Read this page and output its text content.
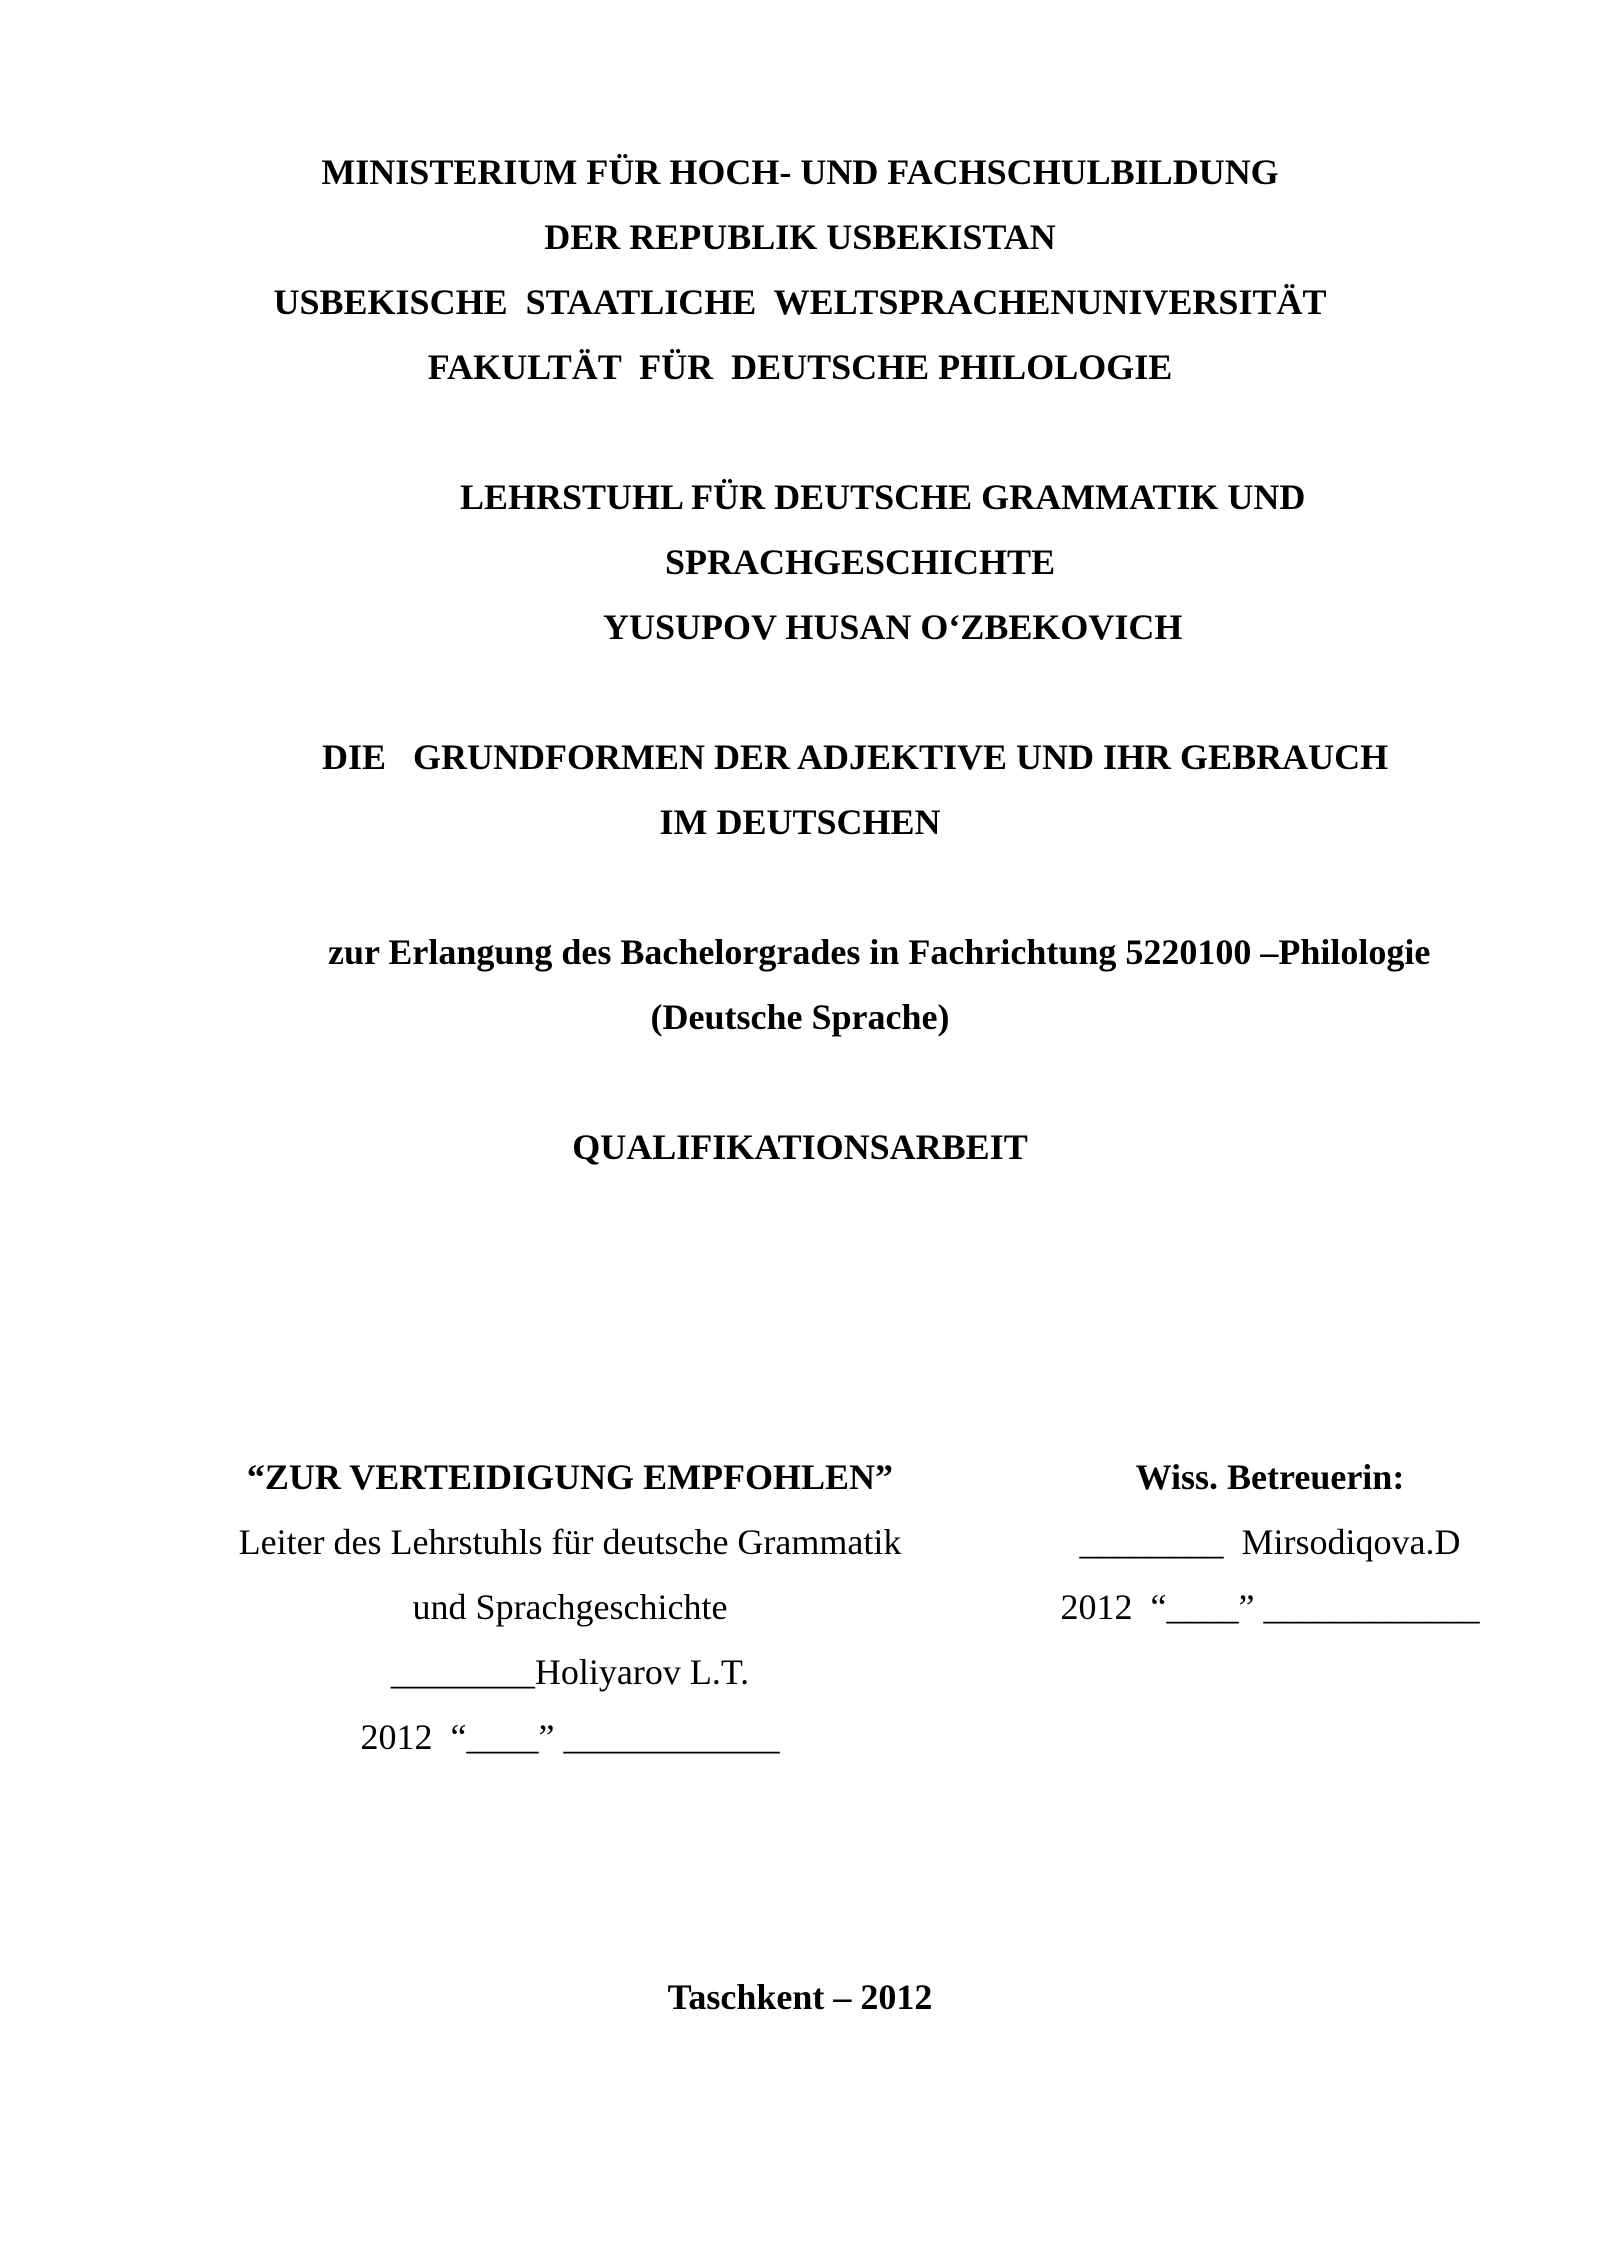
MINISTERIUM FÜR HOCH- UND FACHSCHULBILDUNG
DER REPUBLIK USBEKISTAN
USBEKISCHE  STAATLICHE  WELTSPRACHENUNIVERSITÄT
FAKULTÄT  FÜR  DEUTSCHE PHILOLOGIE
LEHRSTUHL FÜR DEUTSCHE GRAMMATIK UND
SPRACHGESCHICHTE
YUSUPOV HUSAN O‘ZBEKOVICH
DIE   GRUNDFORMEN DER ADJEKTIVE UND IHR GEBRAUCH
IM DEUTSCHEN
zur Erlangung des Bachelorgrades in Fachrichtung 5220100 –Philologie
(Deutsche Sprache)
QUALIFIKATIONSARBEIT
“ZUR VERTEIDIGUNG EMPFOHLEN”
Leiter des Lehrstuhls für deutsche Grammatik
und Sprachgeschichte
________Holiyarov L.T.
2012  “____” ____________
Wiss. Betreuerin:
________  Mirsodiqova.D
2012  “____” ____________
Taschkent – 2012
